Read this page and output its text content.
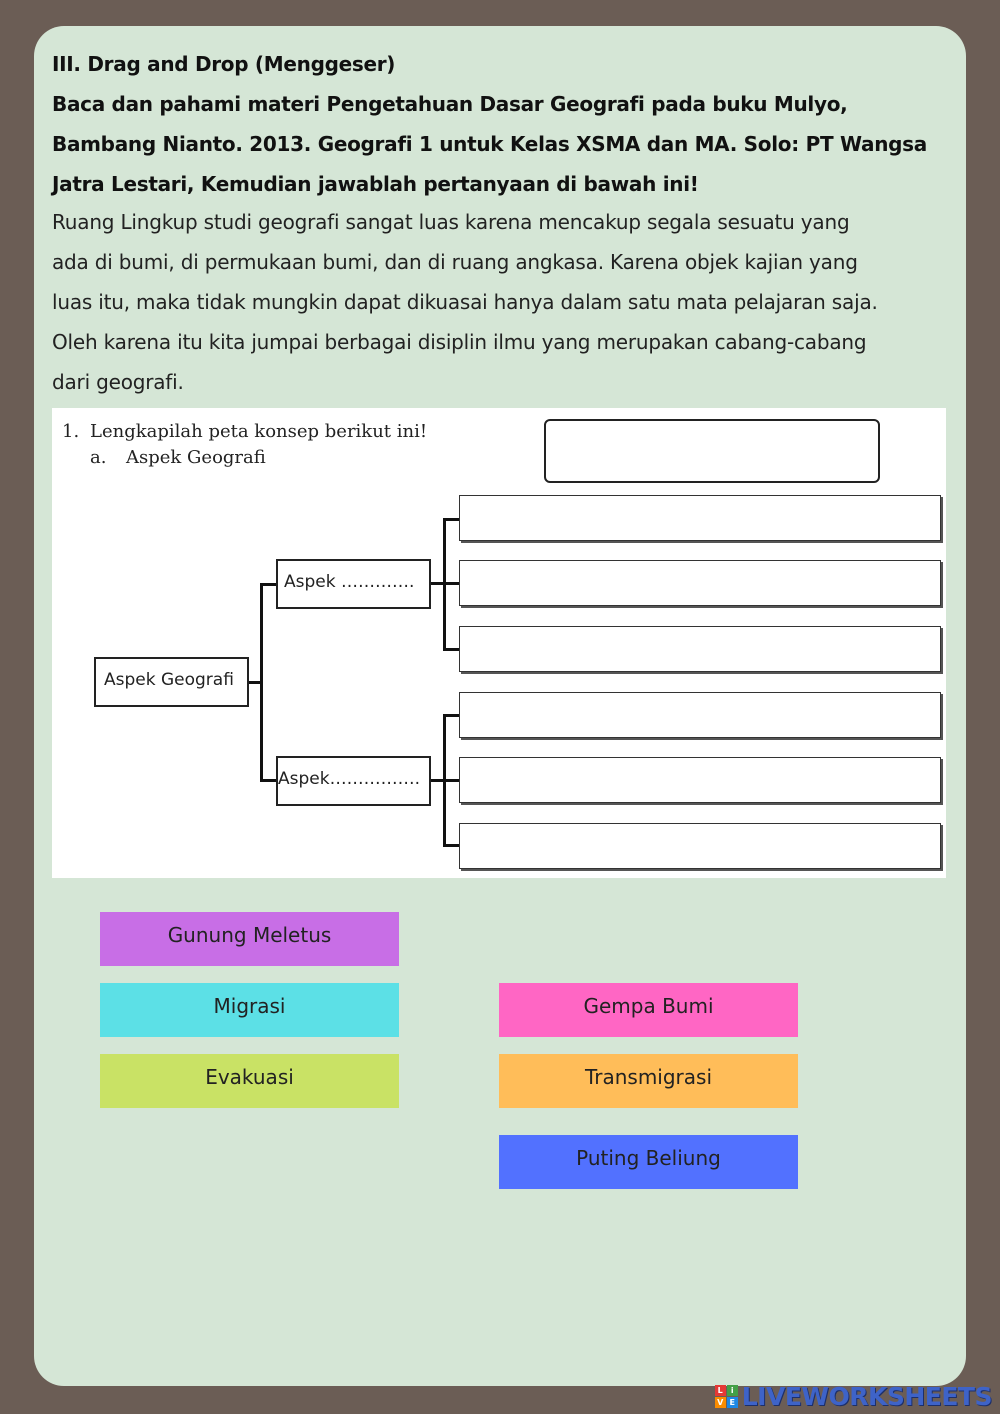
III. Drag and Drop (Menggeser)
Baca dan pahami materi Pengetahuan Dasar Geografi pada buku Mulyo,
Bambang Nianto. 2013. Geografi 1 untuk Kelas XSMA dan MA. Solo: PT Wangsa
Jatra Lestari, Kemudian jawablah pertanyaan di bawah ini!
Ruang Lingkup studi geografi sangat luas karena mencakup segala sesuatu yang
ada di bumi, di permukaan bumi, dan di ruang angkasa. Karena objek kajian yang
luas itu, maka tidak mungkin dapat dikuasai hanya dalam satu mata pelajaran saja.
Oleh karena itu kita jumpai berbagai disiplin ilmu yang merupakan cabang-cabang
dari geografi.
1. Lengkapilah peta konsep berikut ini!
a. Aspek Geografi
Aspek Geografi
Aspek ………….
Aspek…………….
Gunung Meletus
Migrasi
Evakuasi
Gempa Bumi
Transmigrasi
Puting Beliung
L	i
V E LIVEWORKSHEETS
